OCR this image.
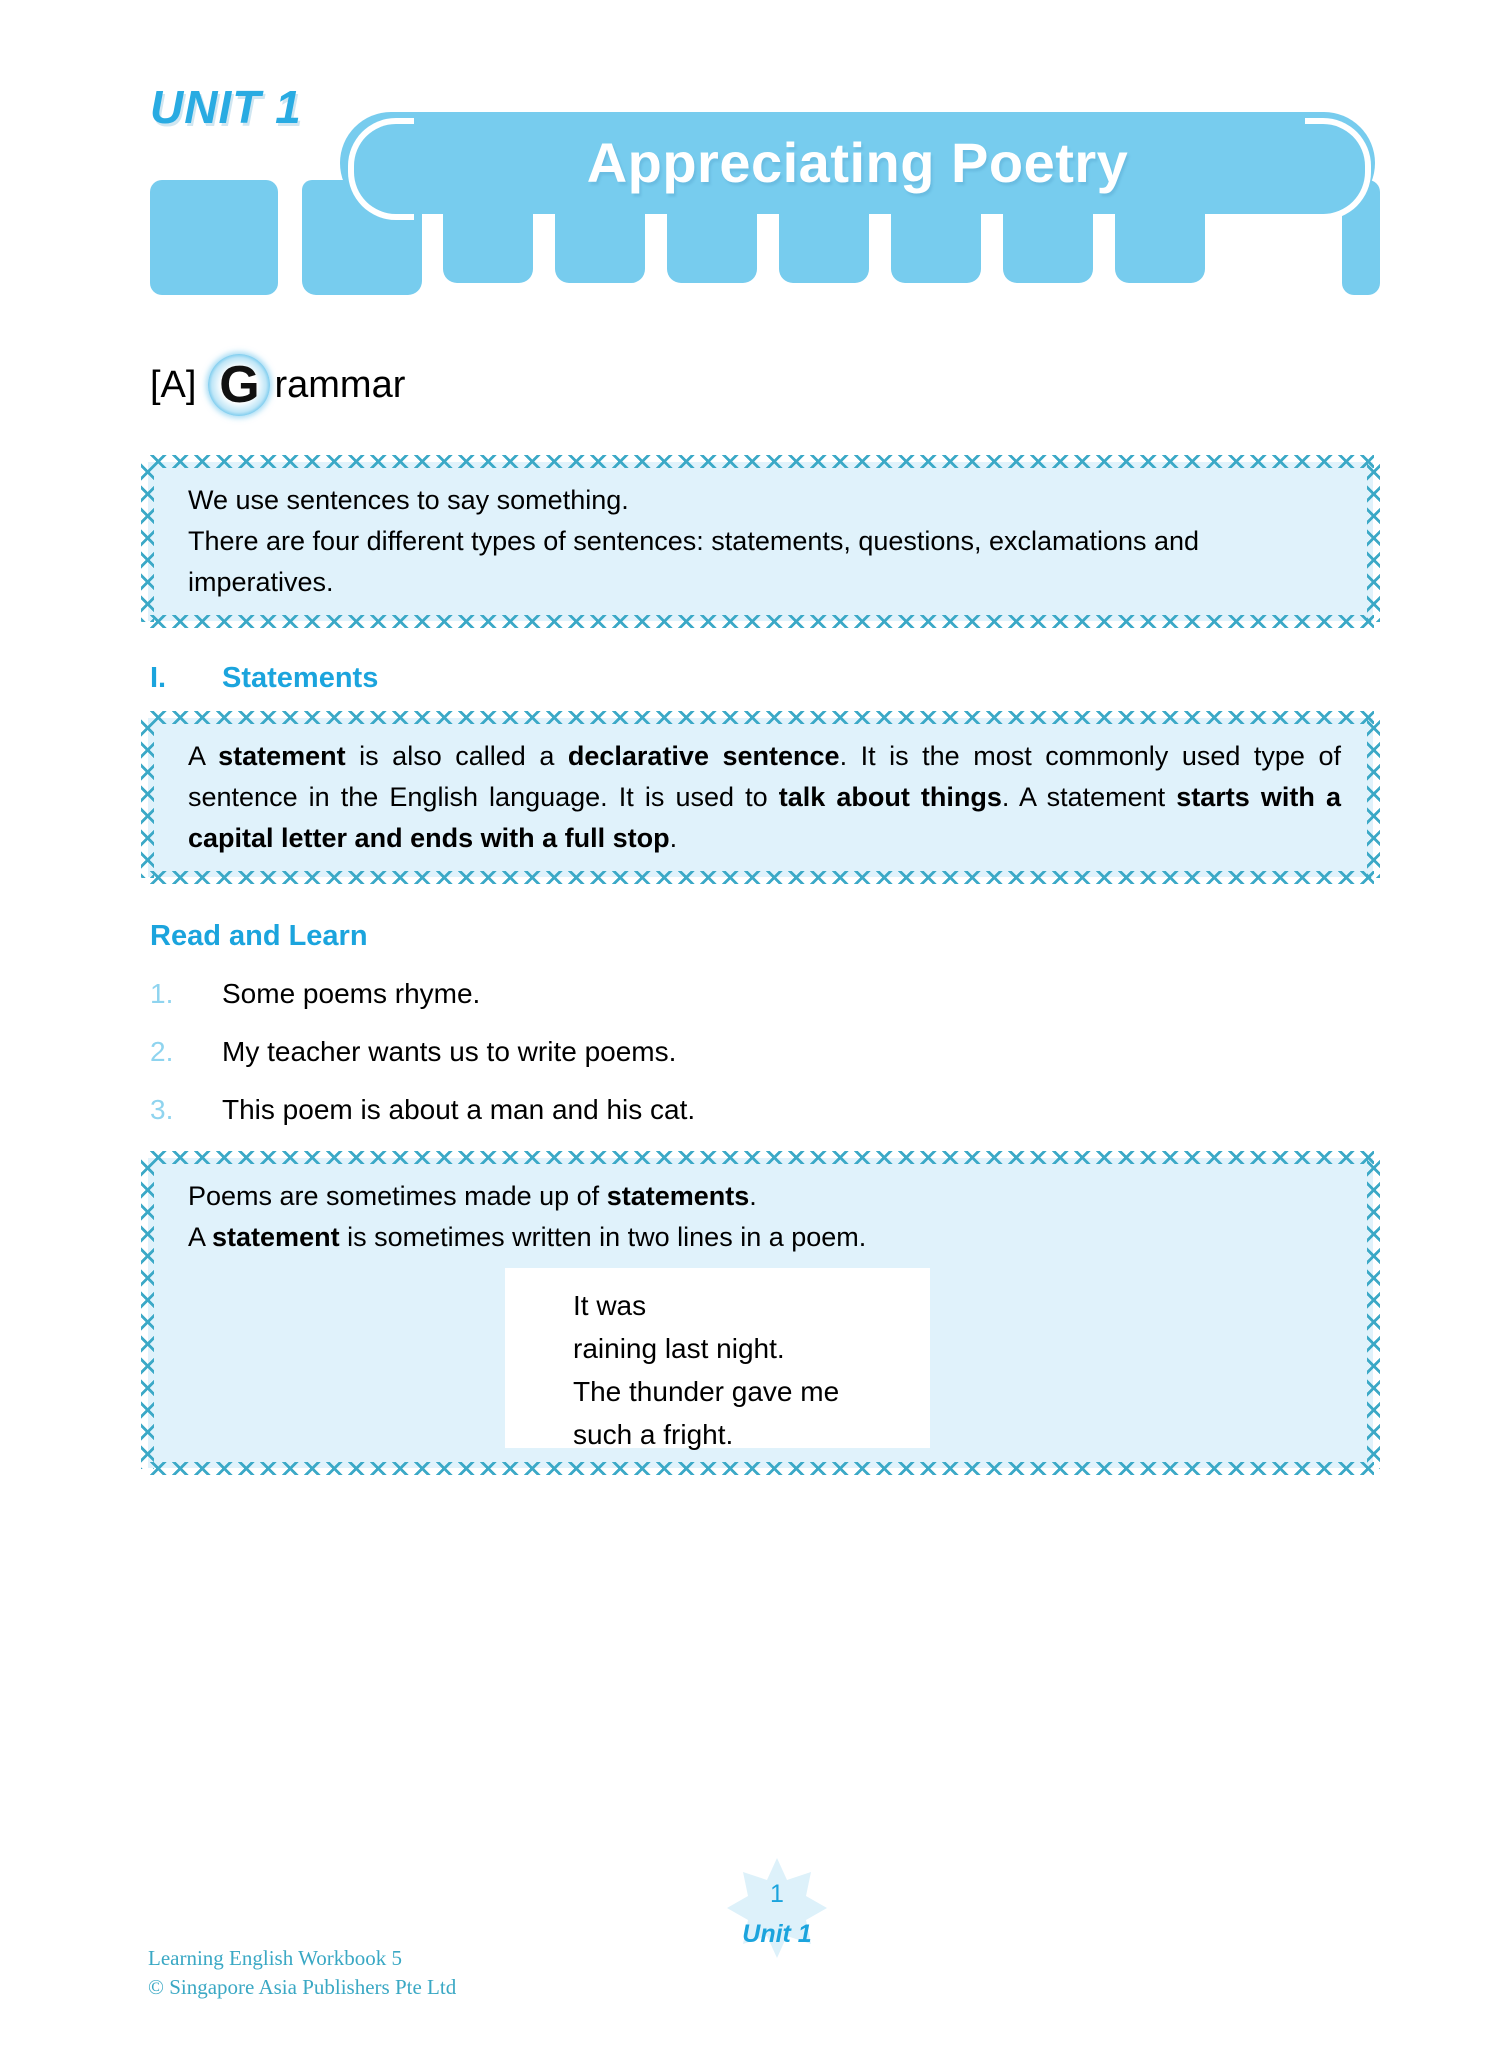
Appreciating Poetry
UNIT 1
[A] G rammar
We use sentences to say something.
There are four different types of sentences: statements, questions, exclamations and imperatives.
I. Statements
A statement is also called a declarative sentence. It is the most commonly used type of sentence in the English language. It is used to talk about things. A statement starts with a capital letter and ends with a full stop.
Read and Learn
1.	Some poems rhyme.
2.	My teacher wants us to write poems.
3.	This poem is about a man and his cat.
Poems are sometimes made up of statements.
A statement is sometimes written in two lines in a poem.
It was
raining last night.
The thunder gave me
such a fright.
Learning English Workbook 5
© Singapore Asia Publishers Pte Ltd
1
Unit 1
